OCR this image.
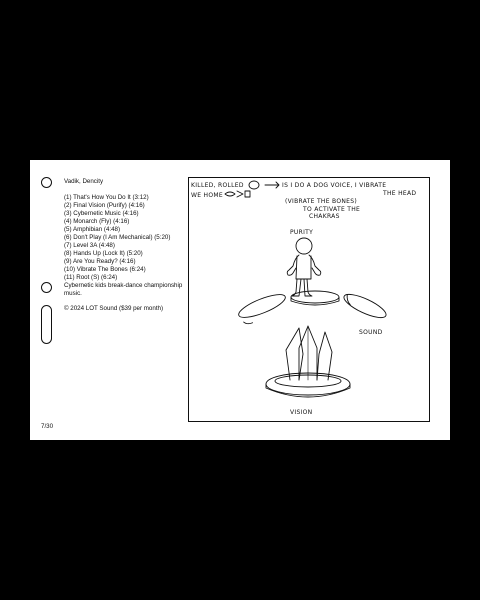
Vadik, Dencity
(1) That's How You Do It (3:12)
(2) Final Vision (Purify) (4:16)
(3) Cybernetic Music (4:16)
(4) Monarch (Fly) (4:16)
(5) Amphibian (4:48)
(6) Don't Play (I Am Mechanical) (5:20)
(7) Level 3A (4:48)
(8) Hands Up (Lock It) (5:20)
(9) Are You Ready? (4:16)
(10) Vibrate The Bones (6:24)
(11) Root (S) (6:24)
Cybernetic kids break-dance championship music.
© 2024 LOT Sound ($39 per month)
7/30
KILLED, ROLLED	IS I DO A DOG VOICE, I VIBRATE
THE HEAD
WE HOME
(VIBRATE THE BONES)
TO ACTIVATE THE
CHAKRAS
PURITY
SOUND
VISION
